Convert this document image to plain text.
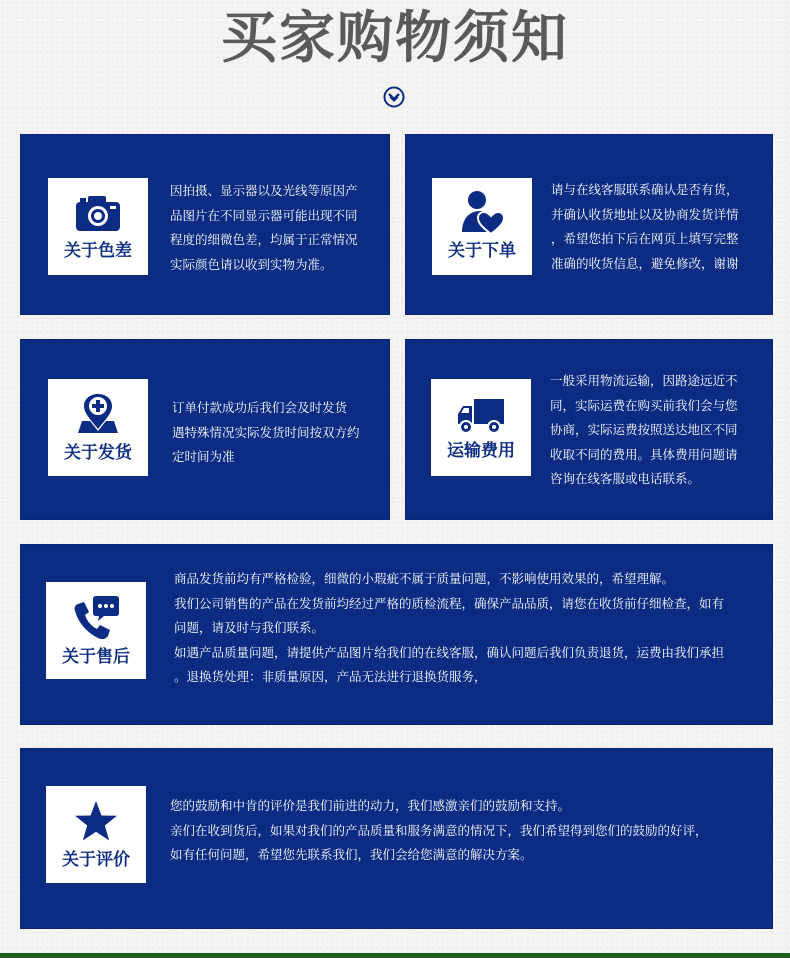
买家购物须知
关于色差
因拍摄、显示器以及光线等原因产
品图片在不同显示器可能出现不同
程度的细微色差，均属于正常情况
实际颜色请以收到实物为准。
关于下单
请与在线客服联系确认是否有货，
并确认收货地址以及协商发货详情
，希望您拍下后在网页上填写完整
准确的收货信息，避免修改，谢谢
关于发货
订单付款成功后我们会及时发货
遇特殊情况实际发货时间按双方约
定时间为准	运输费用
一般采用物流运输，因路途远近不
同，实际运费在购买前我们会与您
协商，实际运费按照送达地区不同
收取不同的费用。具体费用问题请
咨询在线客服或电话联系。
关于售后
商品发货前均有严格检验，细微的小瑕疵不属于质量问题，不影响使用效果的，希望理解。
我们公司销售的产品在发货前均经过严格的质检流程，确保产品品质，请您在收货前仔细检查，如有
问题，请及时与我们联系。
如遇产品质量问题，请提供产品图片给我们的在线客服，确认问题后我们负责退货，运费由我们承担
。退换货处理：非质量原因，产品无法进行退换货服务，
关于评价
您的鼓励和中肯的评价是我们前进的动力，我们感激亲们的鼓励和支持。
亲们在收到货后，如果对我们的产品质量和服务满意的情况下，我们希望得到您们的鼓励的好评，
如有任何问题，希望您先联系我们，我们会给您满意的解决方案。
